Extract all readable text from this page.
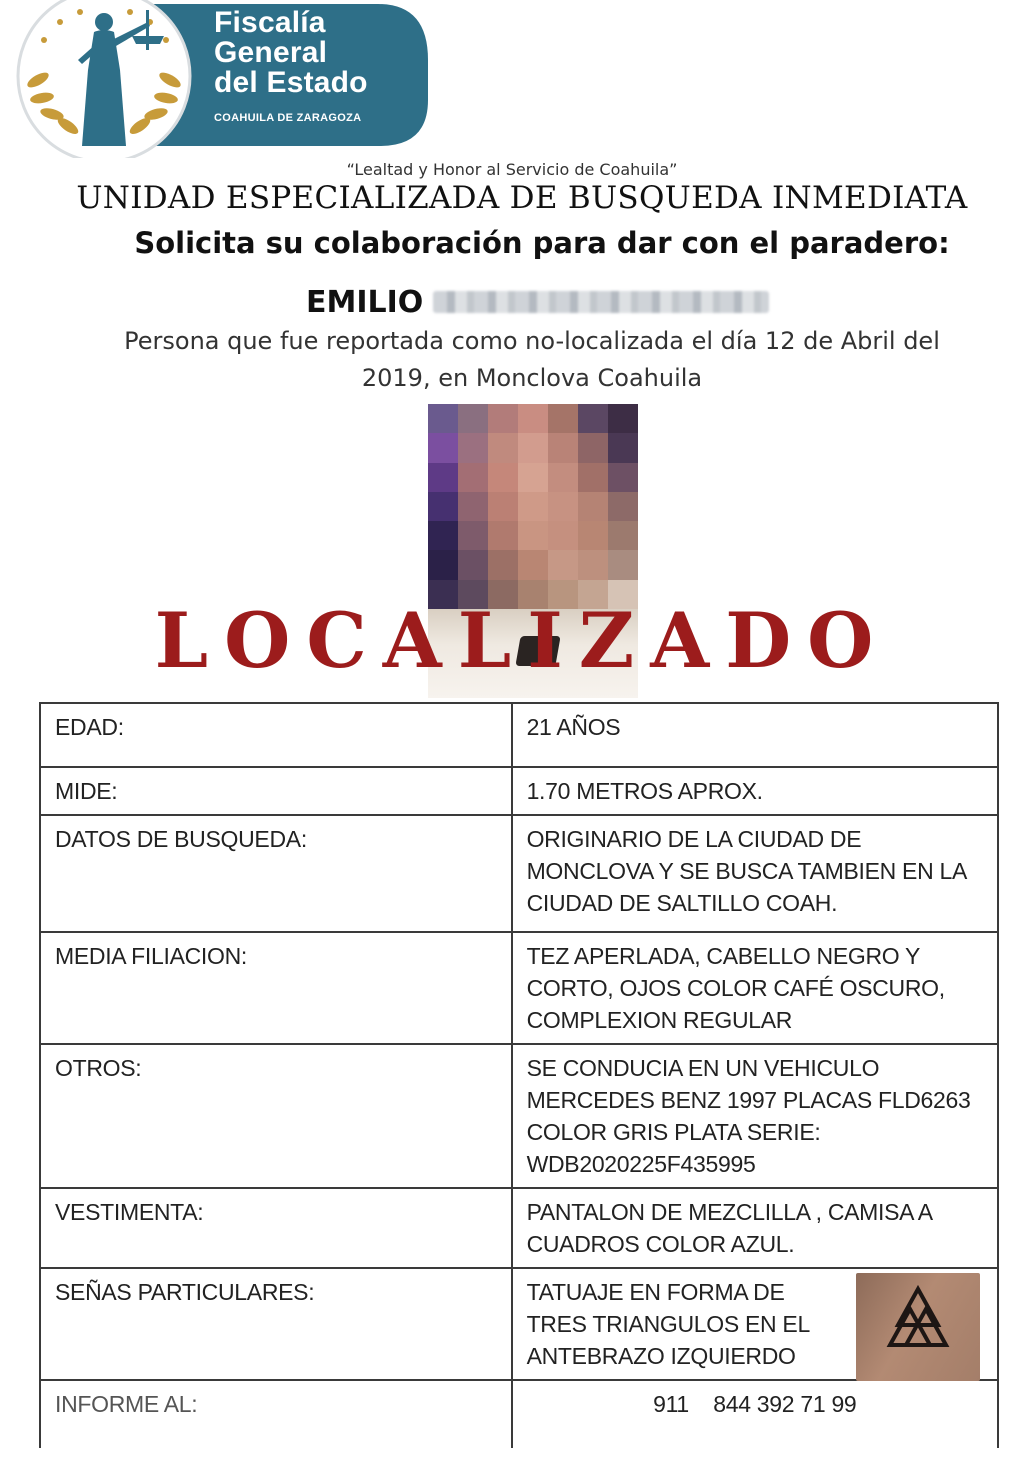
Fiscalía
General
del Estado
COAHUILA DE ZARAGOZA
“Lealtad y Honor al Servicio de Coahuila”
UNIDAD ESPECIALIZADA DE BUSQUEDA INMEDIATA
Solicita su colaboración para dar con el paradero:
EMILIO
Persona que fue reportada como no-localizada el día 12 de Abril del
2019, en Monclova Coahuila
LOCALIZADO
EDAD:	21 AÑOS
MIDE:	1.70 METROS APROX.
DATOS DE BUSQUEDA:	ORIGINARIO DE LA CIUDAD DE MONCLOVA Y SE BUSCA TAMBIEN EN LA CIUDAD DE SALTILLO COAH.
MEDIA FILIACION:	TEZ APERLADA, CABELLO NEGRO Y CORTO, OJOS COLOR CAFÉ OSCURO, COMPLEXION REGULAR
OTROS:	SE CONDUCIA EN UN VEHICULO MERCEDES BENZ 1997 PLACAS FLD6263 COLOR GRIS PLATA SERIE: WDB2020225F435995
VESTIMENTA:	PANTALON DE MEZCLILLA , CAMISA A CUADROS COLOR AZUL.
SEÑAS PARTICULARES:	TATUAJE EN FORMA DE TRES TRIANGULOS EN EL ANTEBRAZO IZQUIERDO

INFORME AL:	911    844 392 71 99
